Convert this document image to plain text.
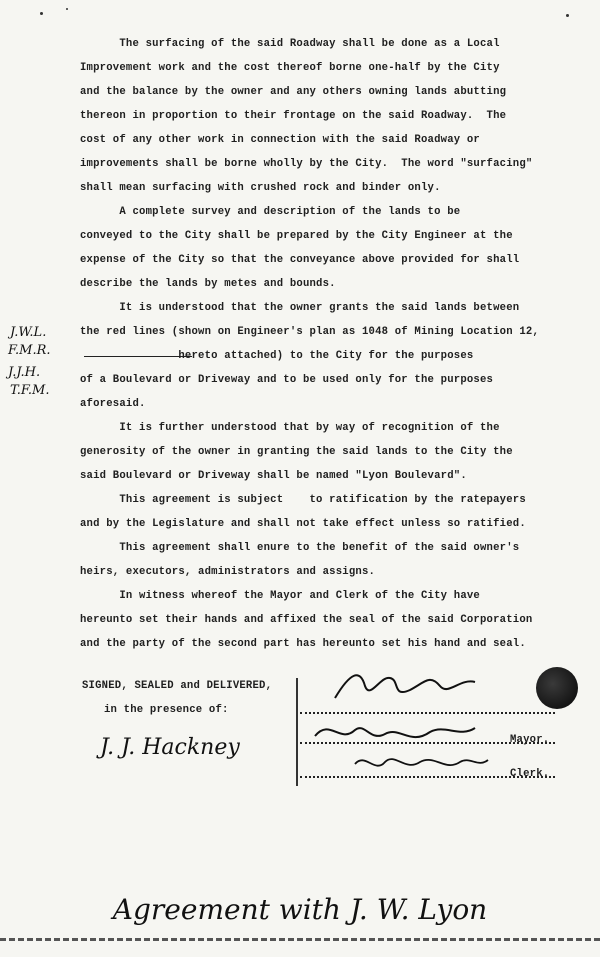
The surfacing of the said Roadway shall be done as a Local
Improvement work and the cost thereof borne one-half by the City
and the balance by the owner and any others owning lands abutting
thereon in proportion to their frontage on the said Roadway.  The
cost of any other work in connection with the said Roadway or
improvements shall be borne wholly by the City.  The word "surfacing"
shall mean surfacing with crushed rock and binder only.
A complete survey and description of the lands to be
conveyed to the City shall be prepared by the City Engineer at the
expense of the City so that the conveyance above provided for shall
describe the lands by metes and bounds.
It is understood that the owner grants the said lands between
the red lines (shown on Engineer's plan as 1048 of Mining Location 12,
hereto attached) to the City for the purposes
of a Boulevard or Driveway and to be used only for the purposes
aforesaid.
It is further understood that by way of recognition of the
generosity of the owner in granting the said lands to the City the
said Boulevard or Driveway shall be named "Lyon Boulevard".
This agreement is subject    to ratification by the ratepayers
and by the Legislature and shall not take effect unless so ratified.
This agreement shall enure to the benefit of the said owner's
heirs, executors, administrators and assigns.
In witness whereof the Mayor and Clerk of the City have
hereunto set their hands and affixed the seal of the said Corporation
and the party of the second part has hereunto set his hand and seal.
J.W.L.
F.M.R.
J.J.H.
T.F.M.
SIGNED, SEALED and DELIVERED,
in the presence of:
J. J. Hackney	Mayor.
Clerk.
Agreement with J. W. Lyon
